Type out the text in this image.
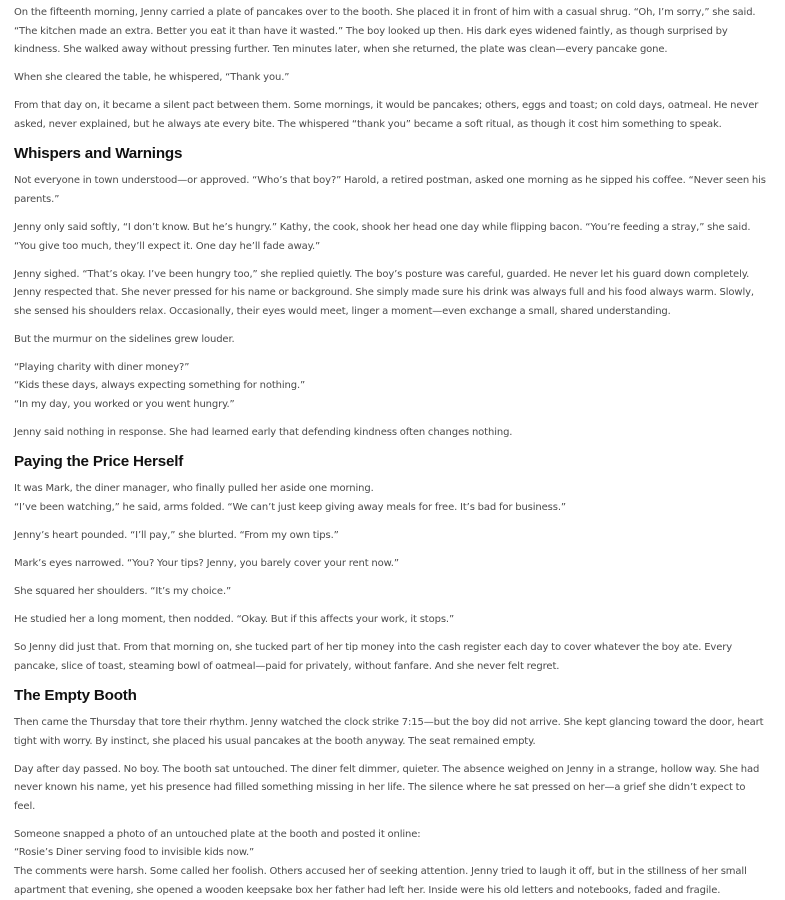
On the fifteenth morning, Jenny carried a plate of pancakes over to the booth. She placed it in front of him with a casual shrug. “Oh, I’m sorry,” she said. “The kitchen made an extra. Better you eat it than have it wasted.” The boy looked up then. His dark eyes widened faintly, as though surprised by kindness. She walked away without pressing further. Ten minutes later, when she returned, the plate was clean—every pancake gone.

When she cleared the table, he whispered, “Thank you.”

From that day on, it became a silent pact between them. Some mornings, it would be pancakes; others, eggs and toast; on cold days, oatmeal. He never asked, never explained, but he always ate every bite. The whispered “thank you” became a soft ritual, as though it cost him something to speak.

Whispers and Warnings

Not everyone in town understood—or approved. “Who’s that boy?” Harold, a retired postman, asked one morning as he sipped his coffee. “Never seen his parents.”

Jenny only said softly, “I don’t know. But he’s hungry.” Kathy, the cook, shook her head one day while flipping bacon. “You’re feeding a stray,” she said. “You give too much, they’ll expect it. One day he’ll fade away.”

Jenny sighed. “That’s okay. I’ve been hungry too,” she replied quietly. The boy’s posture was careful, guarded. He never let his guard down completely. Jenny respected that. She never pressed for his name or background. She simply made sure his drink was always full and his food always warm. Slowly, she sensed his shoulders relax. Occasionally, their eyes would meet, linger a moment—even exchange a small, shared understanding.

But the murmur on the sidelines grew louder.

“Playing charity with diner money?”
“Kids these days, always expecting something for nothing.”
“In my day, you worked or you went hungry.”

Jenny said nothing in response. She had learned early that defending kindness often changes nothing.

Paying the Price Herself

It was Mark, the diner manager, who finally pulled her aside one morning.
“I’ve been watching,” he said, arms folded. “We can’t just keep giving away meals for free. It’s bad for business.”

Jenny’s heart pounded. “I’ll pay,” she blurted. “From my own tips.”

Mark’s eyes narrowed. “You? Your tips? Jenny, you barely cover your rent now.”

She squared her shoulders. “It’s my choice.”

He studied her a long moment, then nodded. “Okay. But if this affects your work, it stops.”

So Jenny did just that. From that morning on, she tucked part of her tip money into the cash register each day to cover whatever the boy ate. Every pancake, slice of toast, steaming bowl of oatmeal—paid for privately, without fanfare. And she never felt regret.

The Empty Booth

Then came the Thursday that tore their rhythm. Jenny watched the clock strike 7:15—but the boy did not arrive. She kept glancing toward the door, heart tight with worry. By instinct, she placed his usual pancakes at the booth anyway. The seat remained empty.

Day after day passed. No boy. The booth sat untouched. The diner felt dimmer, quieter. The absence weighed on Jenny in a strange, hollow way. She had never known his name, yet his presence had filled something missing in her life. The silence where he sat pressed on her—a grief she didn’t expect to feel.

Someone snapped a photo of an untouched plate at the booth and posted it online:
“Rosie’s Diner serving food to invisible kids now.”
The comments were harsh. Some called her foolish. Others accused her of seeking attention. Jenny tried to laugh it off, but in the stillness of her small apartment that evening, she opened a wooden keepsake box her father had left her. Inside were his old letters and notebooks, faded and fragile.
